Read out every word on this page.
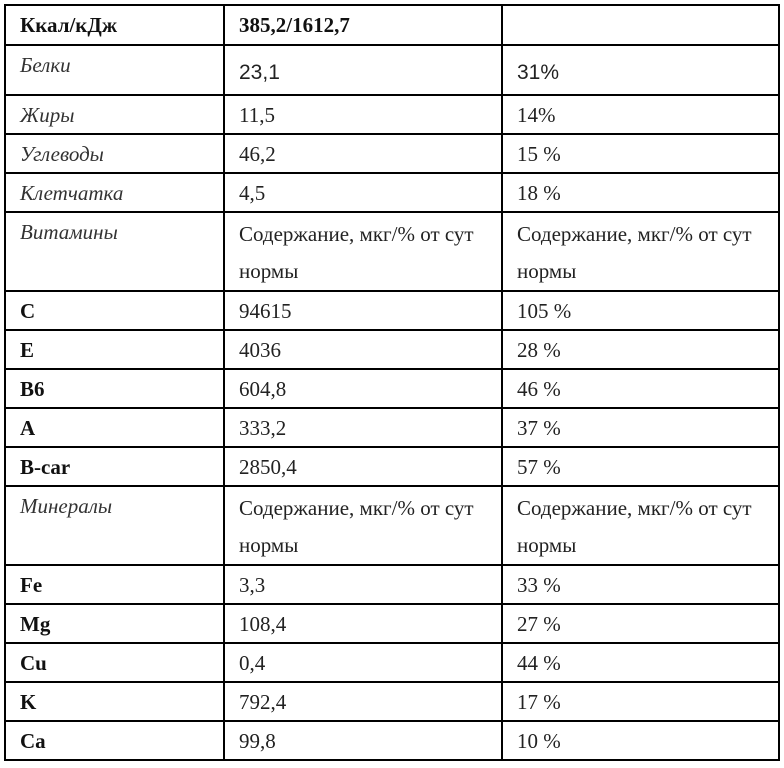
Ккал/кДж	385,2/1612,7	
Белки	23,1	31%
Жиры	11,5	14%
Углеводы	46,2	15 %
Клетчатка	4,5	18 %
Витамины	Содержание, мкг/% от сут нормы	Содержание, мкг/% от сут нормы
C	94615	105 %
E	4036	28 %
B6	604,8	46 %
A	333,2	37 %
B-car	2850,4	57 %
Минералы	Содержание, мкг/% от сут нормы	Содержание, мкг/% от сут нормы
Fe	3,3	33 %
Mg	108,4	27 %
Cu	0,4	44 %
K	792,4	17 %
Ca	99,8	10 %
